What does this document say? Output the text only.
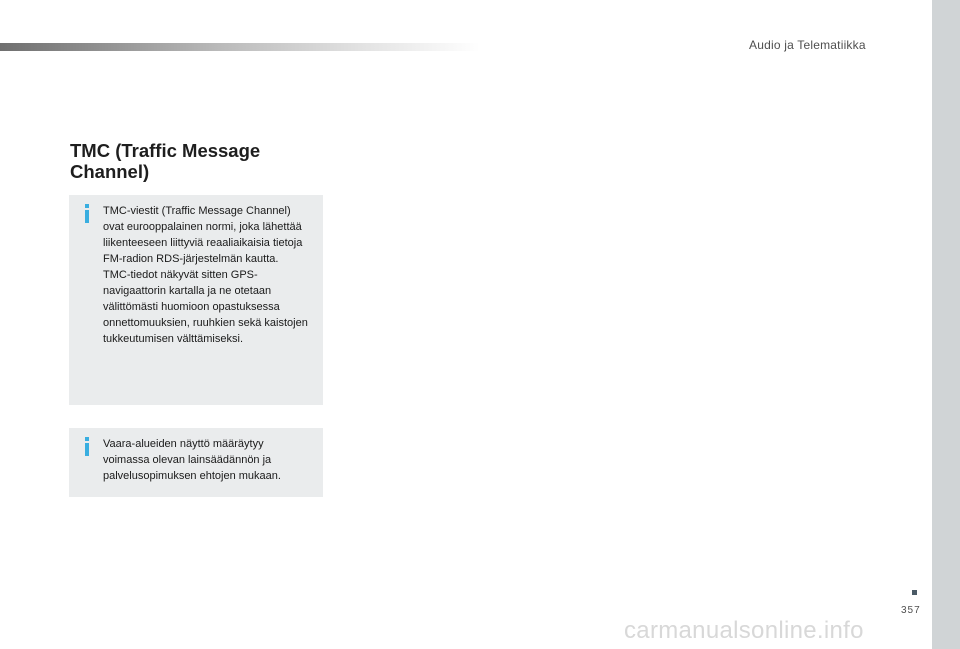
Audio ja Telematiikka
TMC (Traffic Message Channel)

TMC-viestit (Traffic Message Channel) ovat eurooppalainen normi, joka lähettää liikenteeseen liittyviä reaaliaikaisia tietoja FM-radion RDS-järjestelmän kautta.

TMC-tiedot näkyvät sitten GPS-navigaattorin kartalla ja ne otetaan välittömästi huomioon opastuksessa onnettomuuksien, ruuhkien sekä kaistojen tukkeutumisen välttämiseksi.

Vaara-alueiden näyttö määräytyy voimassa olevan lainsäädännön ja palvelusopimuksen ehtojen mukaan.

357
carmanualsonline.info
